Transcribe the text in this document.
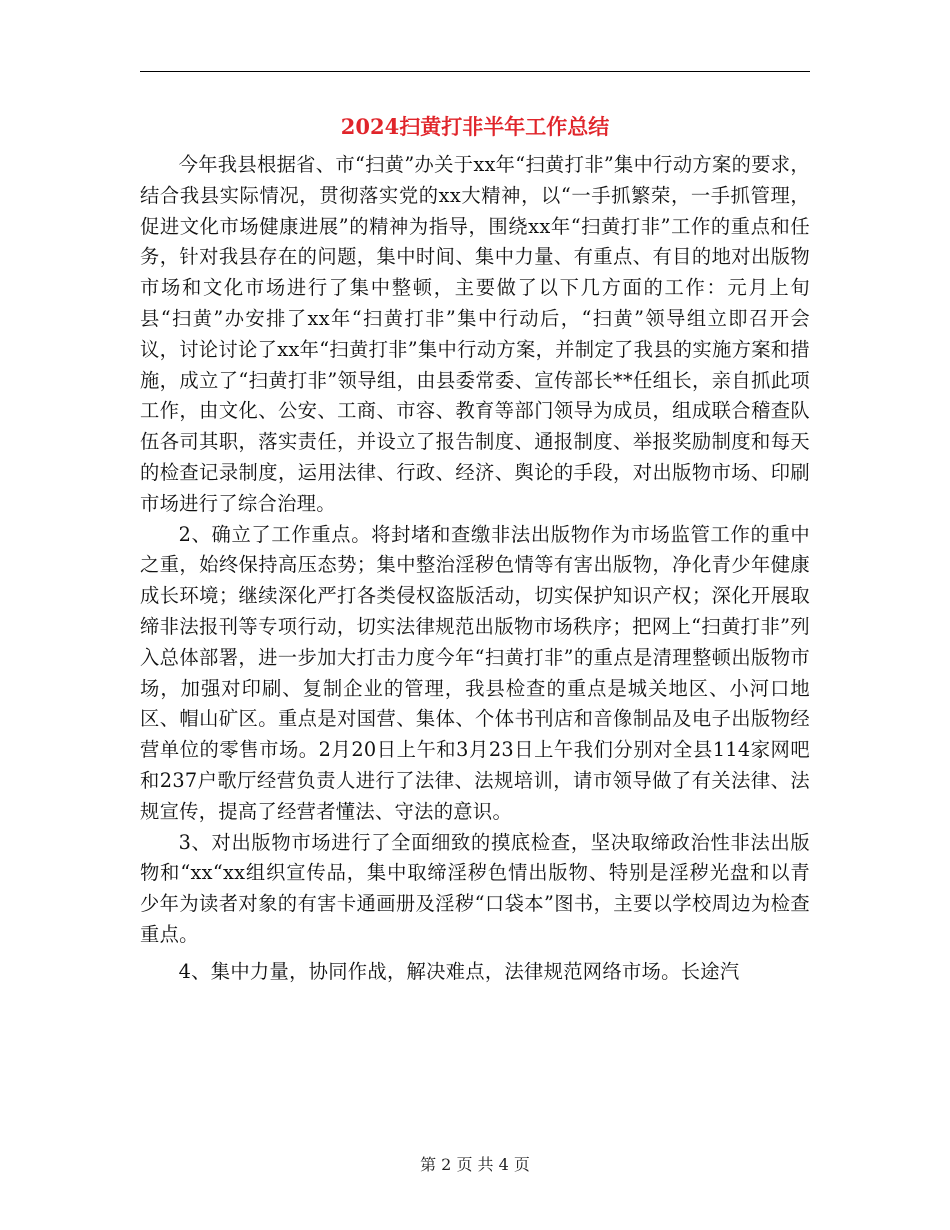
2024扫黄打非半年工作总结

今年我县根据省、市“扫黄”办关于xx年“扫黄打非”集中行动方案的要求，结合我县实际情况，贯彻落实党的xx大精神，以“一手抓繁荣，一手抓管理，促进文化市场健康进展”的精神为指导，围绕xx年“扫黄打非”工作的重点和任务，针对我县存在的问题，集中时间、集中力量、有重点、有目的地对出版物市场和文化市场进行了集中整顿，主要做了以下几方面的工作：元月上旬县“扫黄”办安排了xx年“扫黄打非”集中行动后，“扫黄”领导组立即召开会议，讨论讨论了xx年“扫黄打非”集中行动方案，并制定了我县的实施方案和措施，成立了“扫黄打非”领导组，由县委常委、宣传部长**任组长，亲自抓此项工作，由文化、公安、工商、市容、教育等部门领导为成员，组成联合稽查队伍各司其职，落实责任，并设立了报告制度、通报制度、举报奖励制度和每天的检查记录制度，运用法律、行政、经济、舆论的手段，对出版物市场、印刷市场进行了综合治理。

2、确立了工作重点。将封堵和查缴非法出版物作为市场监管工作的重中之重，始终保持高压态势；集中整治淫秽色情等有害出版物，净化青少年健康成长环境；继续深化严打各类侵权盗版活动，切实保护知识产权；深化开展取缔非法报刊等专项行动，切实法律规范出版物市场秩序；把网上“扫黄打非”列入总体部署，进一步加大打击力度今年“扫黄打非”的重点是清理整顿出版物市场，加强对印刷、复制企业的管理，我县检查的重点是城关地区、小河口地区、帽山矿区。重点是对国营、集体、个体书刊店和音像制品及电子出版物经营单位的零售市场。2月20日上午和3月23日上午我们分别对全县114家网吧和237户歌厅经营负责人进行了法律、法规培训，请市领导做了有关法律、法规宣传，提高了经营者懂法、守法的意识。

3、对出版物市场进行了全面细致的摸底检查，坚决取缔政治性非法出版物和“xx“xx组织宣传品，集中取缔淫秽色情出版物、特别是淫秽光盘和以青少年为读者对象的有害卡通画册及淫秽“口袋本”图书，主要以学校周边为检查重点。

4、集中力量，协同作战，解决难点，法律规范网络市场。长途汽

第 2 页 共 4 页
